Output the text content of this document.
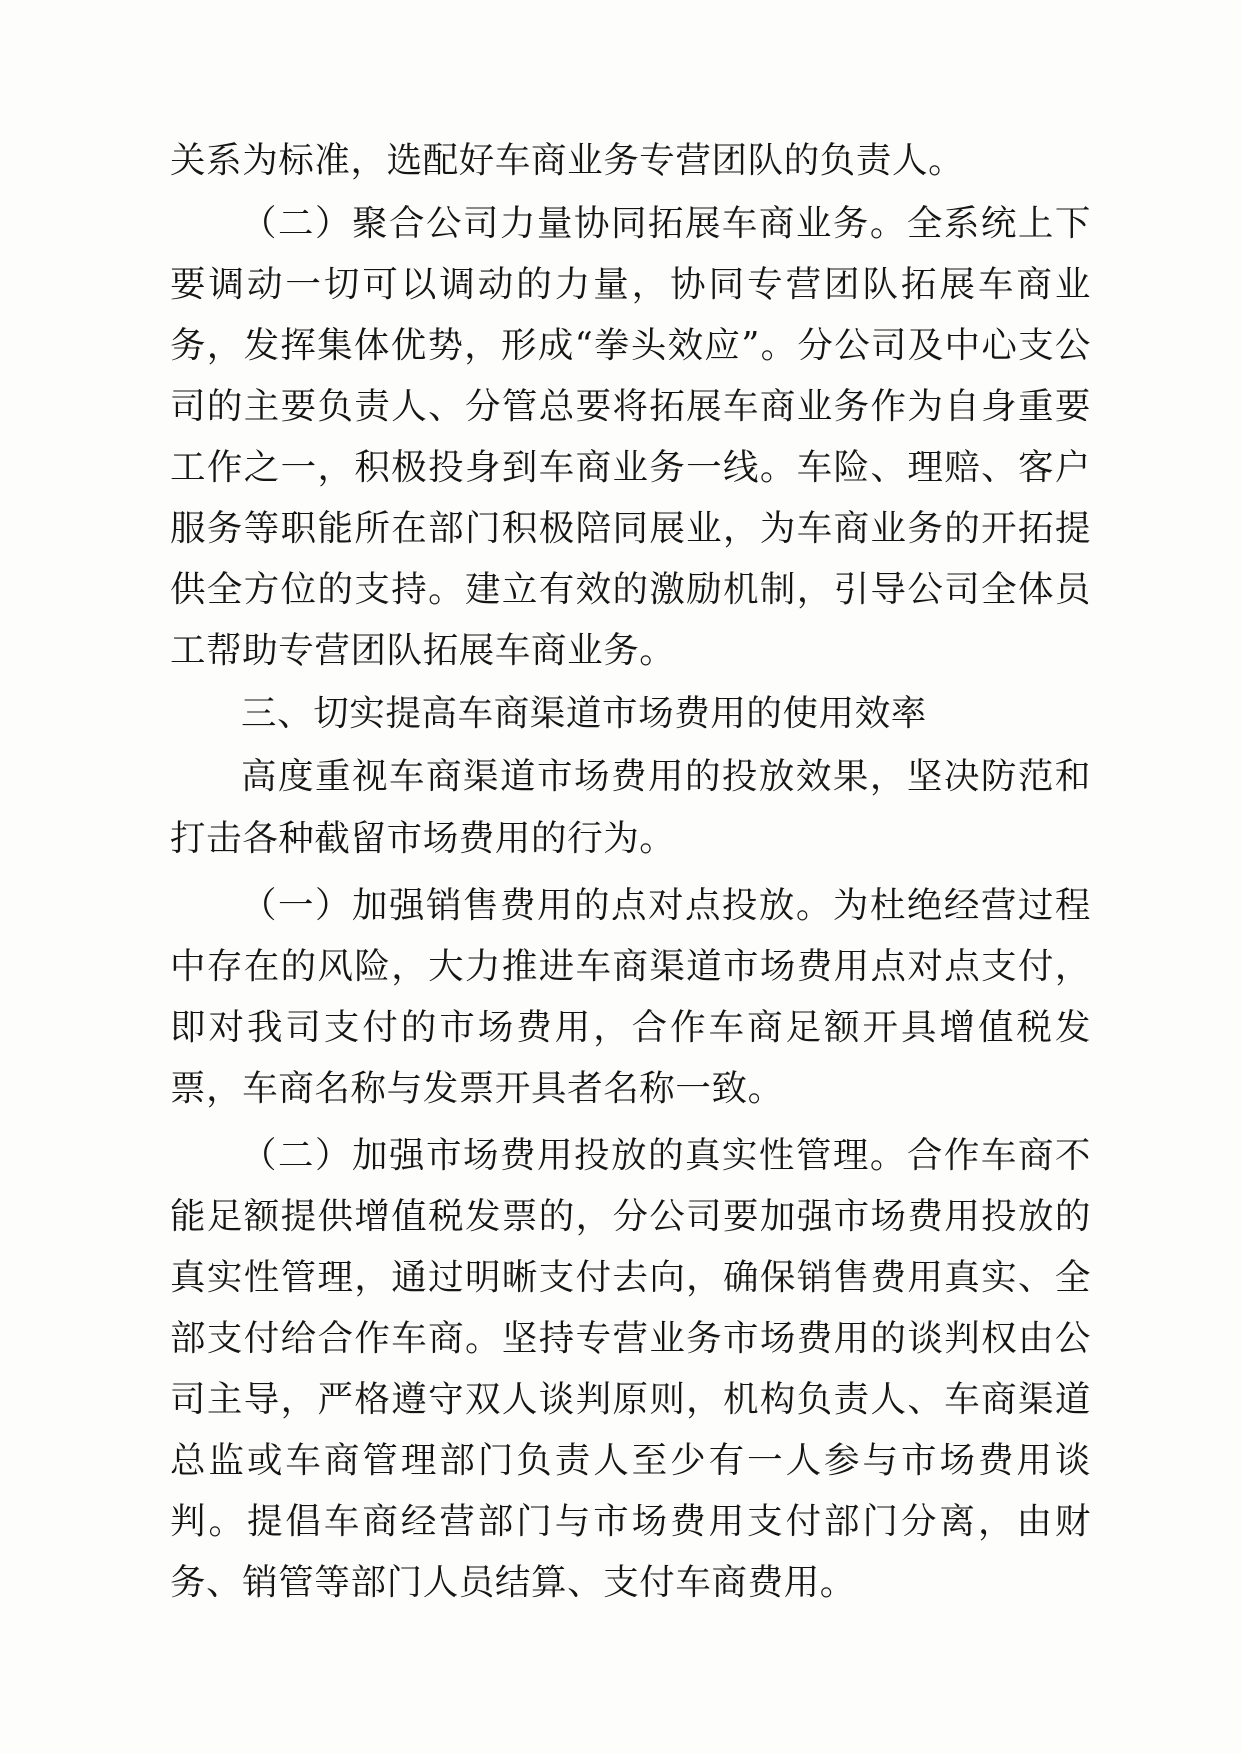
关系为标准，选配好车商业务专营团队的负责人。

（二）聚合公司力量协同拓展车商业务。全系统上下要调动一切可以调动的力量，协同专营团队拓展车商业务，发挥集体优势，形成“拳头效应”。分公司及中心支公司的主要负责人、分管总要将拓展车商业务作为自身重要工作之一，积极投身到车商业务一线。车险、理赔、客户服务等职能所在部门积极陪同展业，为车商业务的开拓提供全方位的支持。建立有效的激励机制，引导公司全体员工帮助专营团队拓展车商业务。

三、切实提高车商渠道市场费用的使用效率

高度重视车商渠道市场费用的投放效果，坚决防范和打击各种截留市场费用的行为。

（一）加强销售费用的点对点投放。为杜绝经营过程中存在的风险，大力推进车商渠道市场费用点对点支付，即对我司支付的市场费用，合作车商足额开具增值税发票，车商名称与发票开具者名称一致。

（二）加强市场费用投放的真实性管理。合作车商不能足额提供增值税发票的，分公司要加强市场费用投放的真实性管理，通过明晰支付去向，确保销售费用真实、全部支付给合作车商。坚持专营业务市场费用的谈判权由公司主导，严格遵守双人谈判原则，机构负责人、车商渠道总监或车商管理部门负责人至少有一人参与市场费用谈判。提倡车商经营部门与市场费用支付部门分离，由财务、销管等部门人员结算、支付车商费用。
